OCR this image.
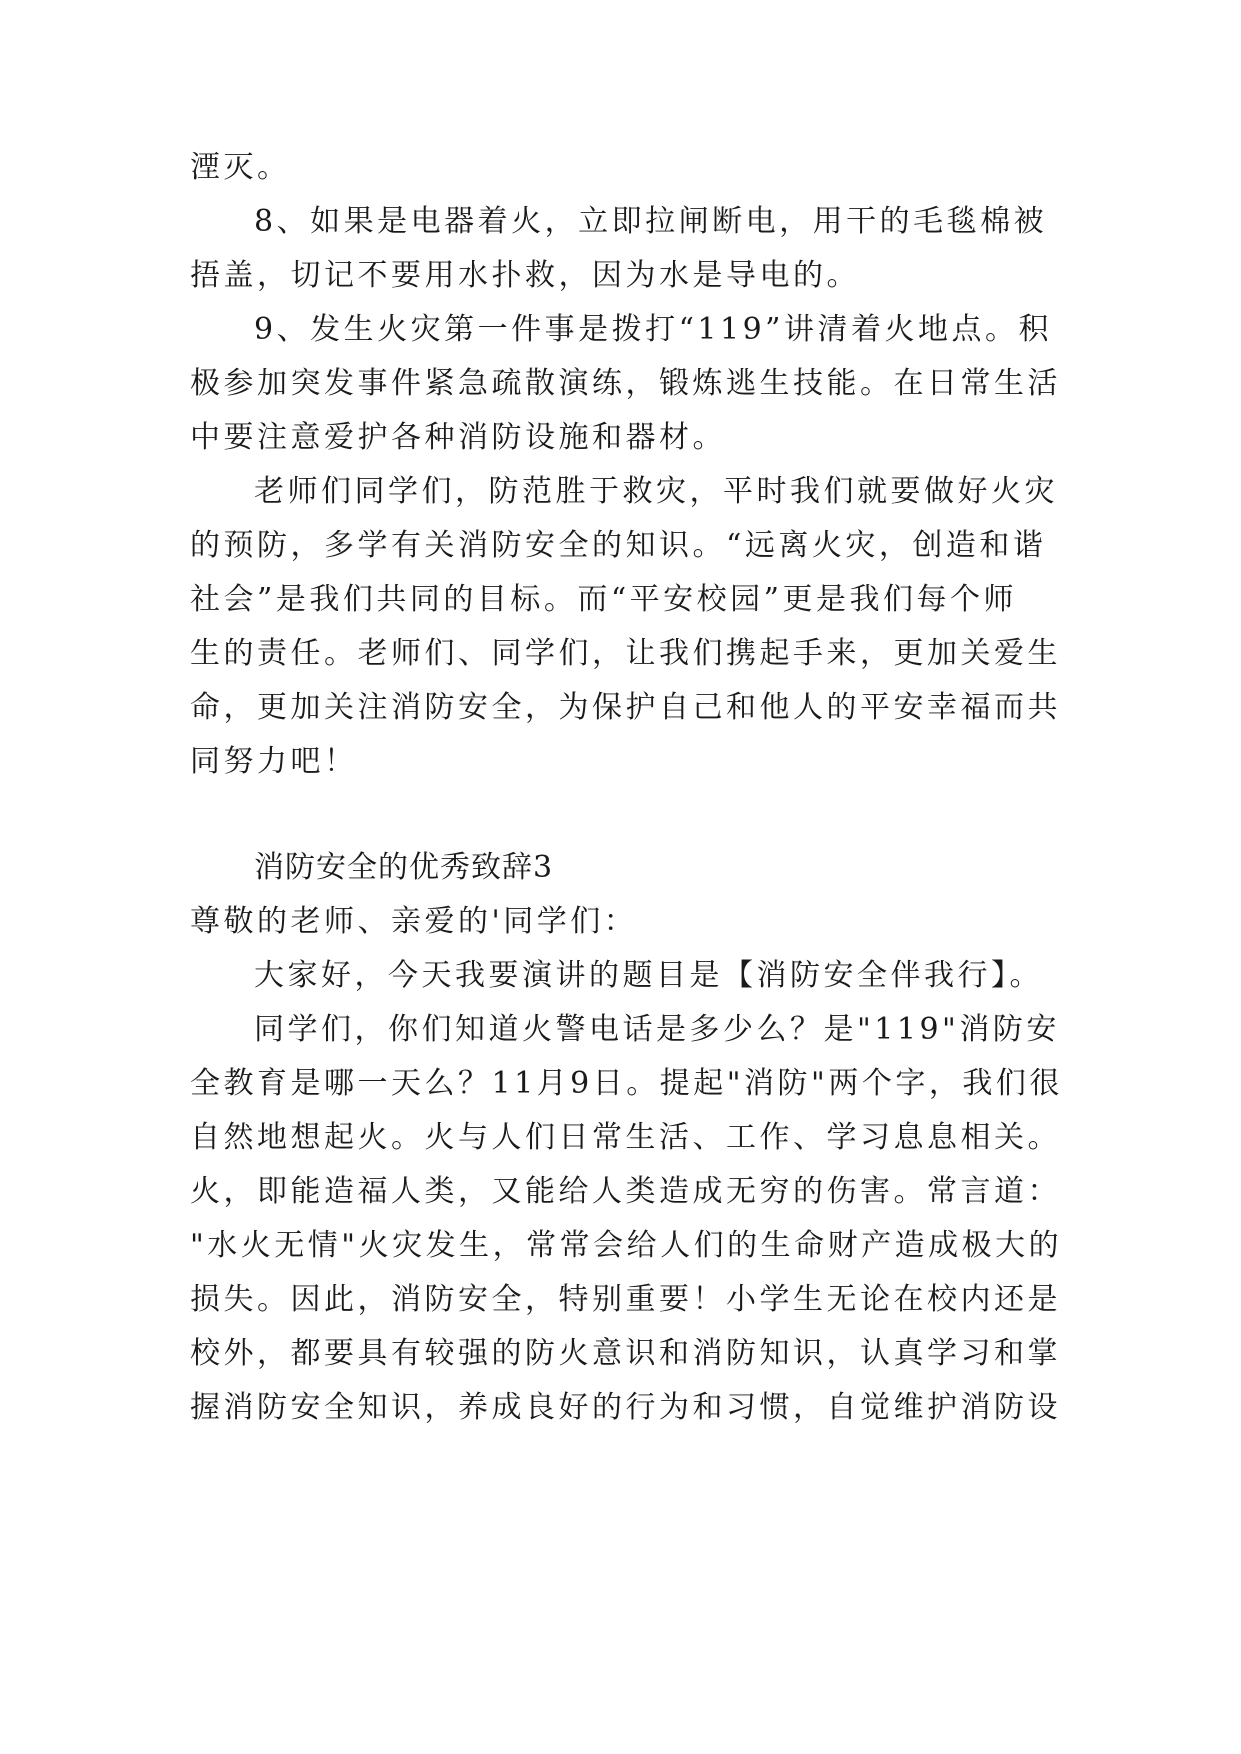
湮灭。
8、如果是电器着火，立即拉闸断电，用干的毛毯棉被
捂盖，切记不要用水扑救，因为水是导电的。
9、发生火灾第一件事是拨打“119”讲清着火地点。积
极参加突发事件紧急疏散演练，锻炼逃生技能。在日常生活
中要注意爱护各种消防设施和器材。
老师们同学们，防范胜于救灾，平时我们就要做好火灾
的预防，多学有关消防安全的知识。“远离火灾，创造和谐
社会”是我们共同的目标。而“平安校园”更是我们每个师
生的责任。老师们、同学们，让我们携起手来，更加关爱生
命，更加关注消防安全，为保护自己和他人的平安幸福而共
同努力吧！
消防安全的优秀致辞3
尊敬的老师、亲爱的'同学们：
大家好，今天我要演讲的题目是【消防安全伴我行】。
同学们，你们知道火警电话是多少么？是"119"消防安
全教育是哪一天么？11月9日。提起"消防"两个字，我们很
自然地想起火。火与人们日常生活、工作、学习息息相关。
火，即能造福人类，又能给人类造成无穷的伤害。常言道：
"水火无情"火灾发生，常常会给人们的生命财产造成极大的
损失。因此，消防安全，特别重要！小学生无论在校内还是
校外，都要具有较强的防火意识和消防知识，认真学习和掌
握消防安全知识，养成良好的行为和习惯，自觉维护消防设
